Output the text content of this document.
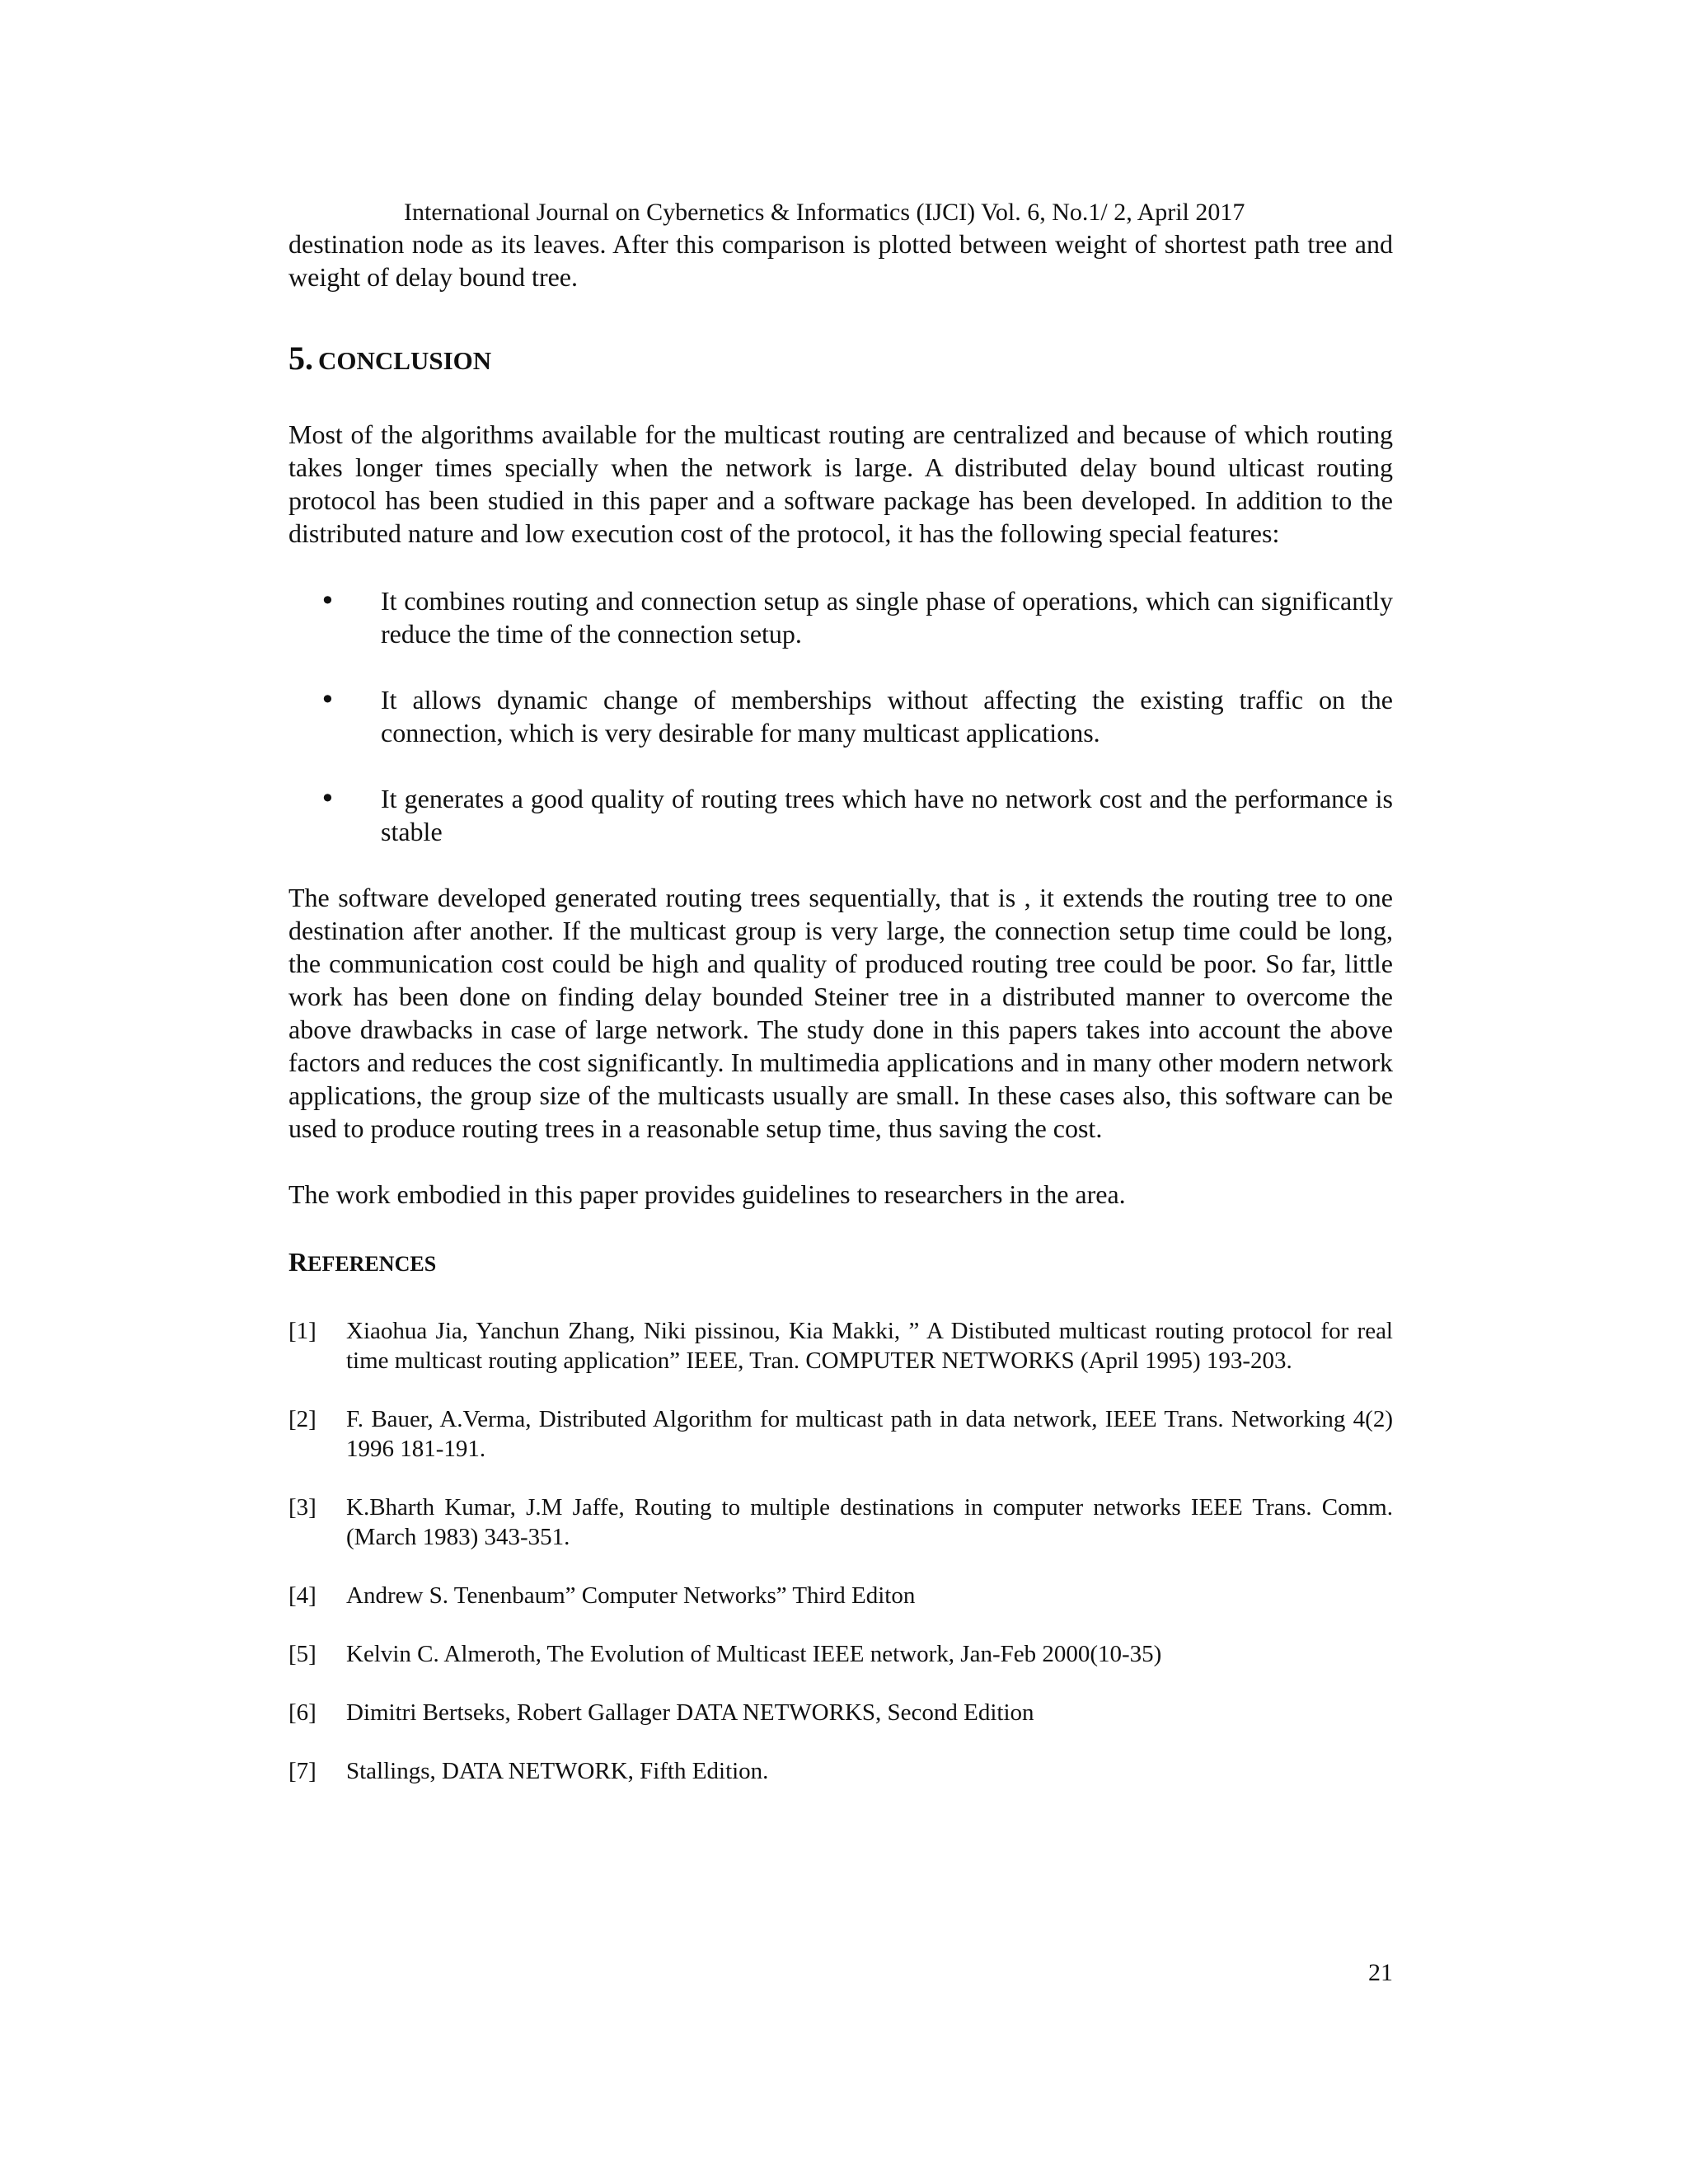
International Journal on Cybernetics & Informatics (IJCI) Vol. 6, No.1/ 2, April 2017

destination node as its leaves. After this comparison is plotted between weight of shortest path tree and weight of delay bound tree.

5. CONCLUSION

Most of the algorithms available for the multicast routing are centralized and because of which routing takes longer times specially when the network is large. A distributed delay bound ulticast routing protocol has been studied in this paper and a software package has been developed. In addition to the distributed nature and low execution cost of the protocol, it has the following special features:

• It combines routing and connection setup as single phase of operations, which can significantly reduce the time of the connection setup.
• It allows dynamic change of memberships without affecting the existing traffic on the connection, which is very desirable for many multicast applications.
• It generates a good quality of routing trees which have no network cost and the performance is stable

The software developed generated routing trees sequentially, that is , it extends the routing tree to one destination after another. If the multicast group is very large, the connection setup time could be long, the communication cost could be high and quality of produced routing tree could be poor. So far, little work has been done on finding delay bounded Steiner tree in a distributed manner to overcome the above drawbacks in case of large network. The study done in this papers takes into account the above factors and reduces the cost significantly. In multimedia applications and in many other modern network applications, the group size of the multicasts usually are small. In these cases also, this software can be used to produce routing trees in a reasonable setup time, thus saving the cost.

The work embodied in this paper provides guidelines to researchers in the area.

REFERENCES
[1] Xiaohua Jia, Yanchun Zhang, Niki pissinou, Kia Makki, ” A Distibuted multicast routing protocol for real time multicast routing application” IEEE, Tran. COMPUTER NETWORKS (April 1995) 193-203.
[2] F. Bauer, A.Verma, Distributed Algorithm for multicast path in data network, IEEE Trans. Networking 4(2) 1996 181-191.
[3] K.Bharth Kumar, J.M Jaffe, Routing to multiple destinations in computer networks IEEE Trans. Comm. (March 1983) 343-351.
[4] Andrew S. Tenenbaum” Computer Networks” Third Editon
[5] Kelvin C. Almeroth, The Evolution of Multicast IEEE network, Jan-Feb 2000(10-35)
[6] Dimitri Bertseks, Robert Gallager DATA NETWORKS, Second Edition
[7] Stallings, DATA NETWORK, Fifth Edition.
21
